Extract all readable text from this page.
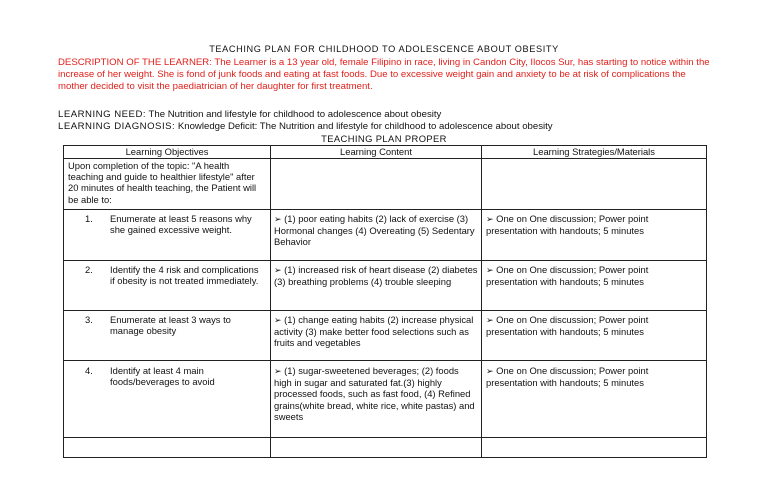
TEACHING PLAN FOR CHILDHOOD TO ADOLESCENCE ABOUT OBESITY
DESCRIPTION OF THE LEARNER: The Learner is a 13 year old, female Filipino in race, living in Candon City, Ilocos Sur, has starting to notice within the increase of her weight. She is fond of junk foods and eating at fast foods. Due to excessive weight gain and anxiety to be at risk of complications the mother decided to visit the paediatrician of her daughter for first treatment.
LEARNING NEED: The Nutrition and lifestyle for childhood to adolescence about obesity
LEARNING DIAGNOSIS: Knowledge Deficit: The Nutrition and lifestyle for childhood to adolescence about obesity
TEACHING PLAN PROPER
Learning Objectives	Learning Content	Learning Strategies/Materials
Upon completion of the topic: "A health teaching and guide to healthier lifestyle" after 20 minutes of health teaching, the Patient will be able to:		

1. Enumerate at least 5 reasons why she gained excessive weight.	➢ (1) poor eating habits (2) lack of exercise (3) Hormonal changes (4) Overeating (5) Sedentary Behavior	➢ One on One discussion; Power point presentation with handouts; 5 minutes

2. Identify the 4 risk and complications if obesity is not treated immediately.	➢ (1) increased risk of heart disease (2) diabetes (3) breathing problems (4) trouble sleeping	➢ One on One discussion; Power point presentation with handouts; 5 minutes

3. Enumerate at least 3 ways to manage obesity	➢ (1) change eating habits (2) increase physical activity (3) make better food selections such as fruits and vegetables	➢ One on One discussion; Power point presentation with handouts; 5 minutes

4. Identify at least 4 main foods/beverages to avoid	➢ (1) sugar-sweetened beverages; (2) foods high in sugar and saturated fat.(3) highly processed foods, such as fast food, (4) Refined grains(white bread, white rice, white pastas) and sweets	➢ One on One discussion; Power point presentation with handouts; 5 minutes
